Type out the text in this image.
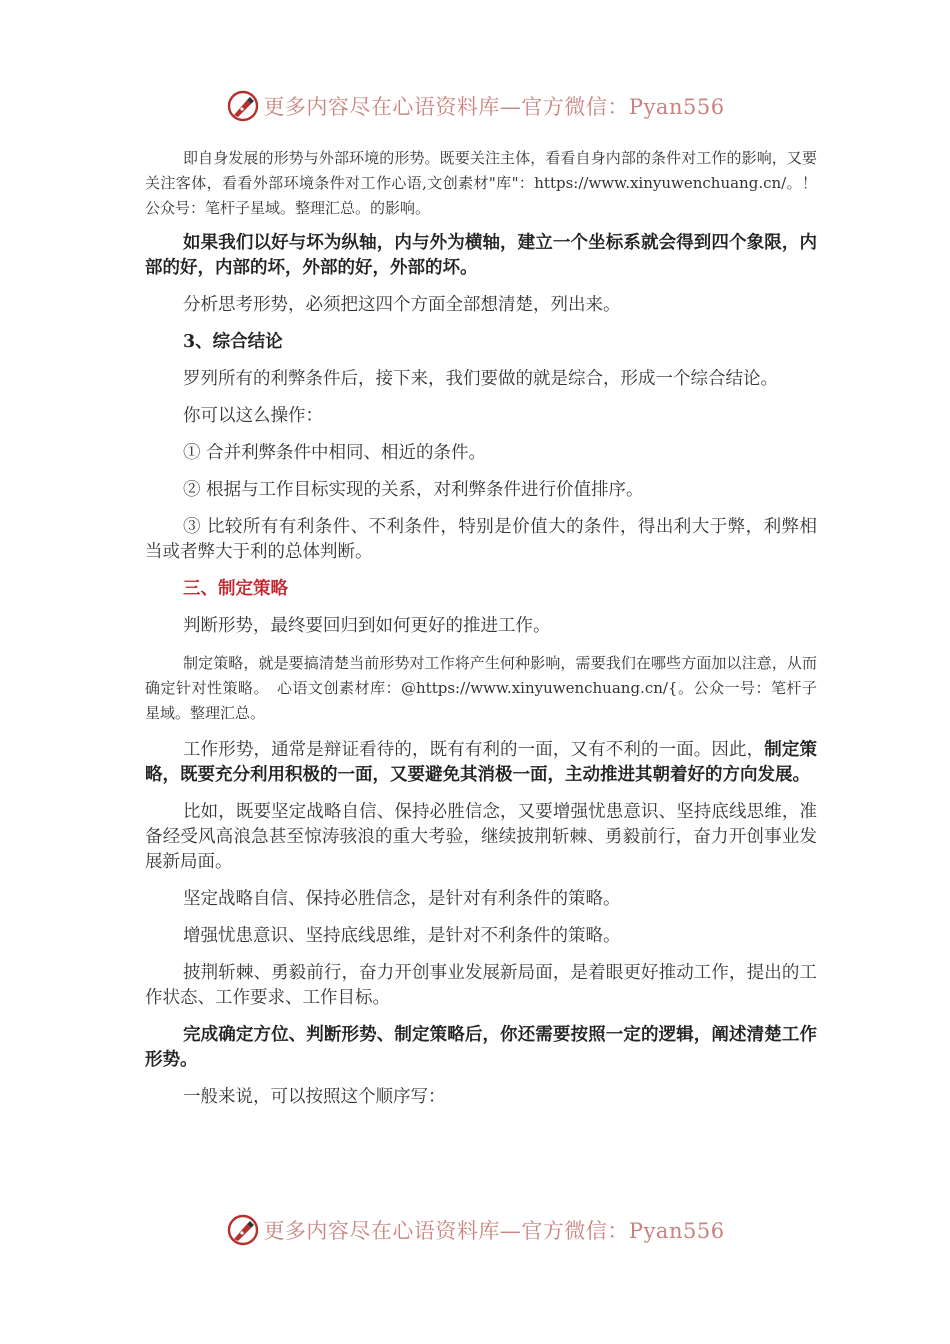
更多内容尽在心语资料库—官方微信：Pyan556

即自身发展的形势与外部环境的形势。既要关注主体，看看自身内部的条件对工作的影响，又要关注客体，看看外部环境条件对工作心语,文创素材"库"：https://www.xinyuwenchuang.cn/。！公众号：笔杆子星域。整理汇总。的影响。

如果我们以好与坏为纵轴，内与外为横轴，建立一个坐标系就会得到四个象限，内部的好，内部的坏，外部的好，外部的坏。

分析思考形势，必须把这四个方面全部想清楚，列出来。

3、综合结论

罗列所有的利弊条件后，接下来，我们要做的就是综合，形成一个综合结论。

你可以这么操作：

① 合并利弊条件中相同、相近的条件。

② 根据与工作目标实现的关系，对利弊条件进行价值排序。

③ 比较所有有利条件、不利条件，特别是价值大的条件，得出利大于弊，利弊相当或者弊大于利的总体判断。

三、制定策略

判断形势，最终要回归到如何更好的推进工作。

制定策略，就是要搞清楚当前形势对工作将产生何种影响，需要我们在哪些方面加以注意，从而确定针对性策略。　心语文创素材库：@https://www.xinyuwenchuang.cn/{。公众一号：笔杆子星域。整理汇总。

工作形势，通常是辩证看待的，既有有利的一面，又有不利的一面。因此，制定策略，既要充分利用积极的一面，又要避免其消极一面，主动推进其朝着好的方向发展。

比如，既要坚定战略自信、保持必胜信念，又要增强忧患意识、坚持底线思维，准备经受风高浪急甚至惊涛骇浪的重大考验，继续披荆斩棘、勇毅前行，奋力开创事业发展新局面。

坚定战略自信、保持必胜信念，是针对有利条件的策略。

增强忧患意识、坚持底线思维，是针对不利条件的策略。

披荆斩棘、勇毅前行，奋力开创事业发展新局面，是着眼更好推动工作，提出的工作状态、工作要求、工作目标。

完成确定方位、判断形势、制定策略后，你还需要按照一定的逻辑，阐述清楚工作形势。

一般来说，可以按照这个顺序写：

更多内容尽在心语资料库—官方微信：Pyan556
